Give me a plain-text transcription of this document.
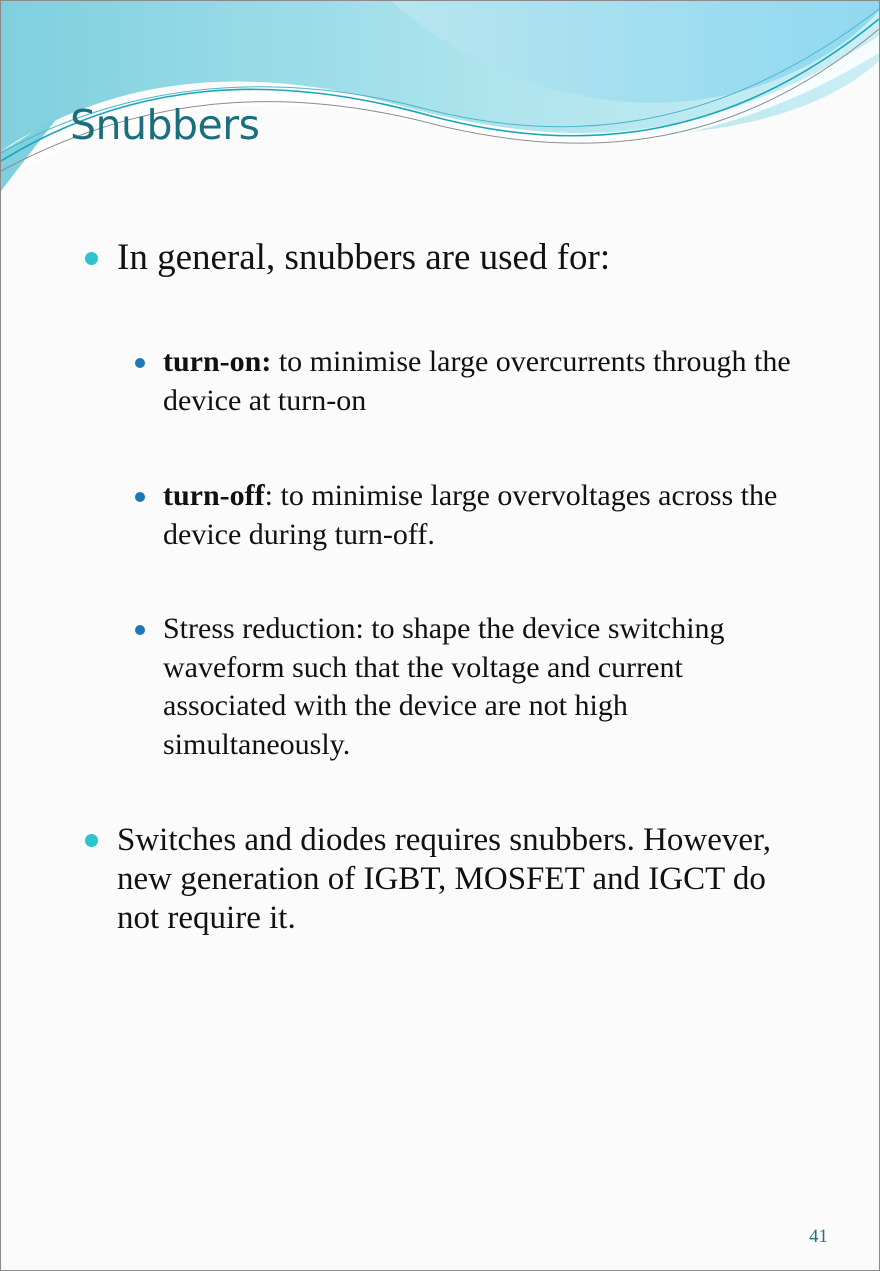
Snubbers
In general, snubbers are used for:
turn-on: to minimise large overcurrents through the device at turn-on
turn-off: to minimise large overvoltages across the device during turn-off.
Stress reduction: to shape the device switching waveform such that the voltage and current associated with the device are not high simultaneously.
Switches and diodes requires snubbers. However, new generation of IGBT, MOSFET and IGCT do not require it.
41
